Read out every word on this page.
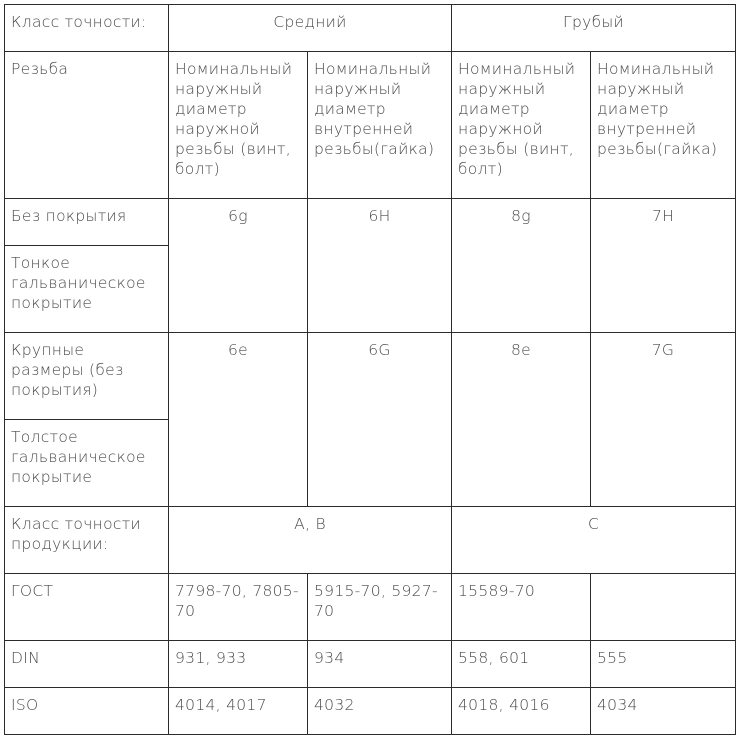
Класс точности:	Средний		Грубый	
Резьба	Номинальный наружный диаметр наружной резьбы (винт, болт)	Номинальный наружный диаметр внутренней резьбы(гайка)	Номинальный наружный диаметр наружной резьбы (винт, болт)	Номинальный наружный диаметр внутренней резьбы(гайка)
Без покрытия	6g	6H	8g	7H
Тонкое гальваническое покрытие				
Крупные размеры (без покрытия)	6e	6G	8e	7G
Толстое гальваническое покрытие				
Класс точности продукции:	A, B		C	
ГОСТ	7798-70, 7805-70	5915-70, 5927-70	15589-70	
DIN	931, 933	934	558, 601	555
ISO	4014, 4017	4032	4018, 4016	4034
